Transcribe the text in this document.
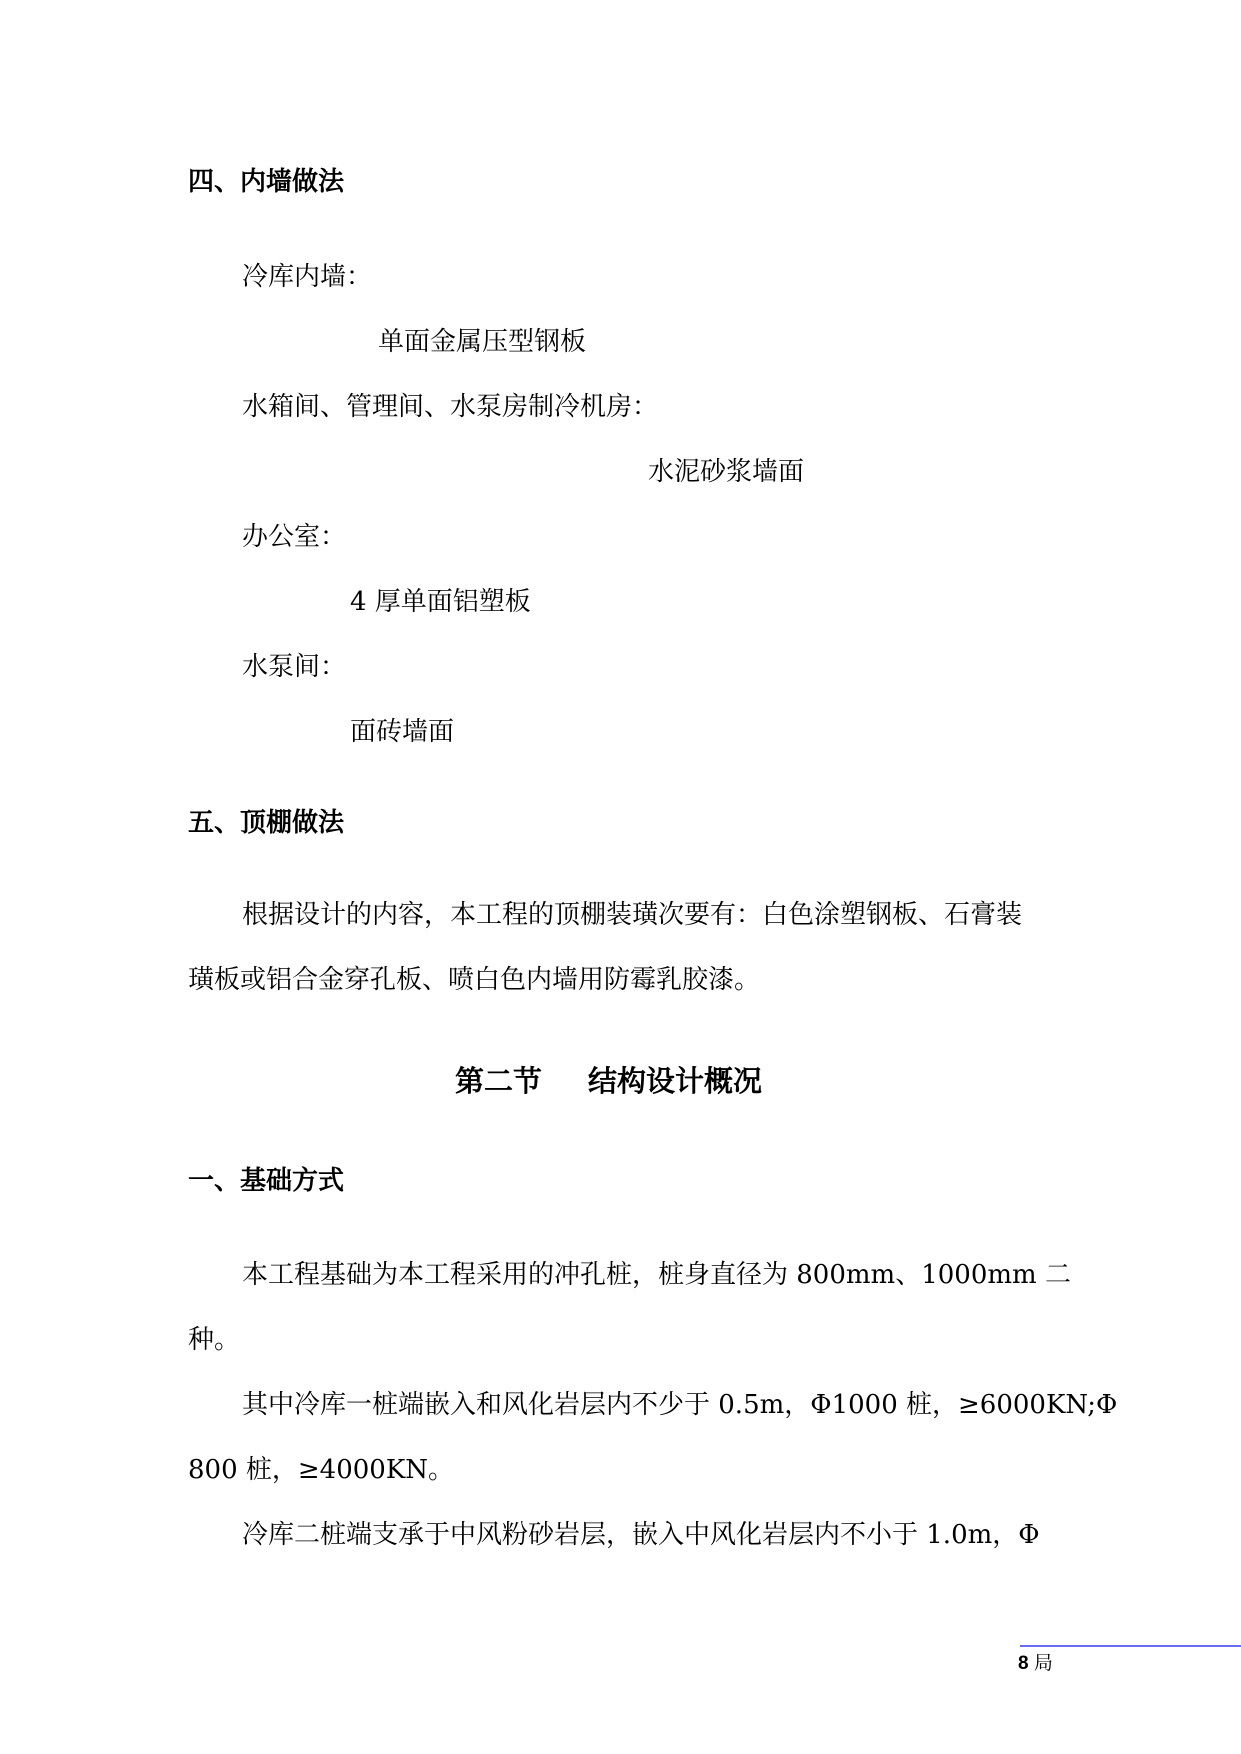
四、内墙做法
冷库内墙：
单面金属压型钢板
水箱间、管理间、水泵房制冷机房：
水泥砂浆墙面
办公室：
4 厚单面铝塑板
水泵间：
面砖墙面
五、顶棚做法
根据设计的内容，本工程的顶棚装璜次要有：白色涂塑钢板、石膏装
璜板或铝合金穿孔板、喷白色内墙用防霉乳胶漆。
第二节 结构设计概况
一、基础方式
本工程基础为本工程采用的冲孔桩，桩身直径为 800mm、1000mm 二
种。
其中冷库一桩端嵌入和风化岩层内不少于 0.5m，Φ1000 桩，≥6000KN;Φ
800 桩，≥4000KN。
冷库二桩端支承于中风粉砂岩层，嵌入中风化岩层内不小于 1.0m，Φ
8 局
